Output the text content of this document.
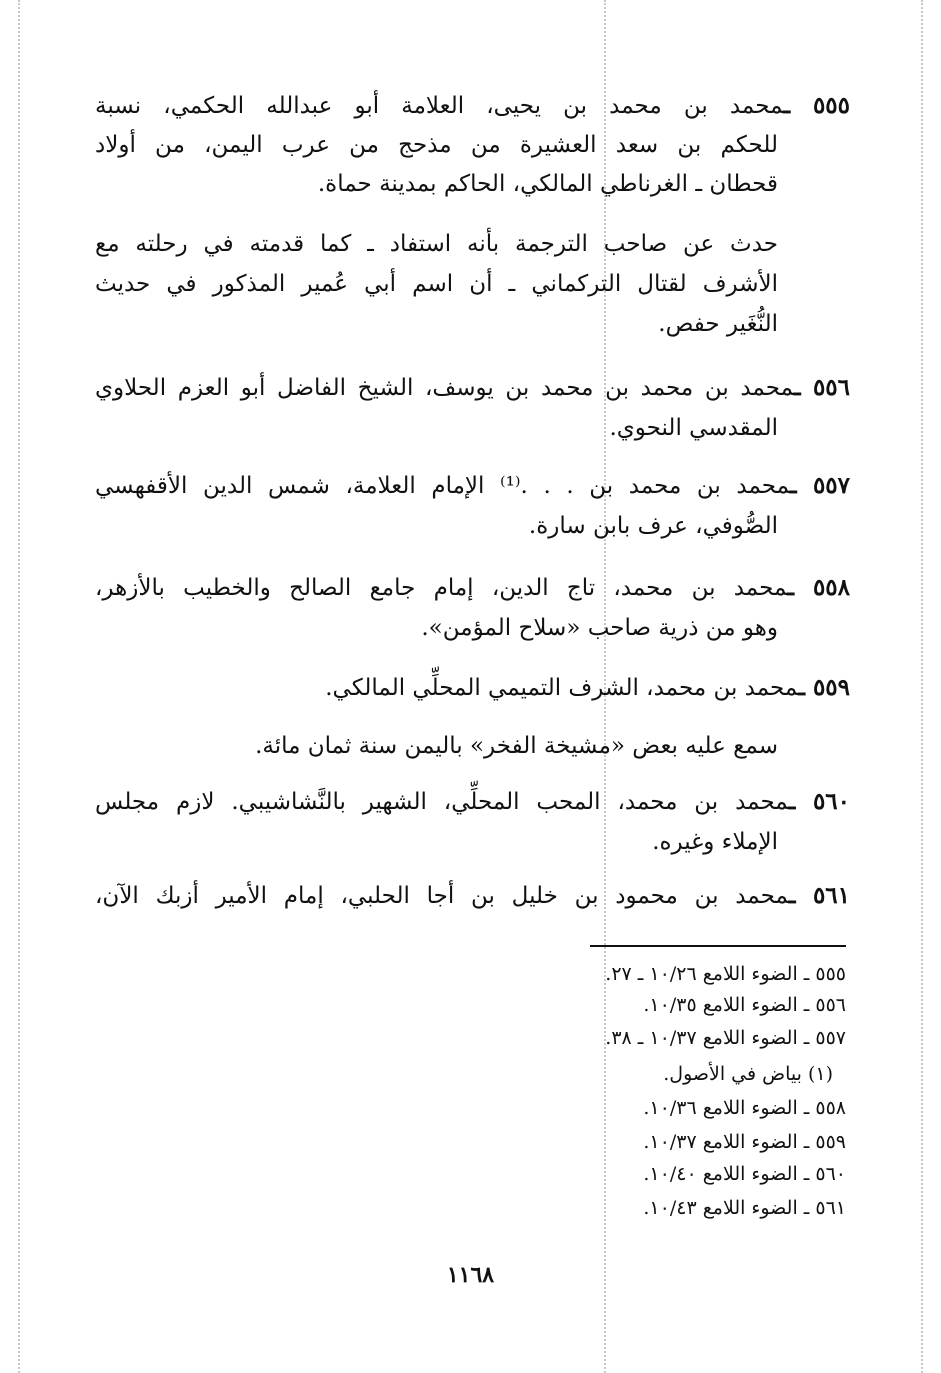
٥٥٥ ـمحمد بن محمد بن يحيى، العلامة أبو عبدالله الحكمي، نسبة
للحكم بن سعد العشيرة من مذحج من عرب اليمن، من أولاد
قحطان ـ الغرناطي المالكي، الحاكم بمدينة حماة.
حدث عن صاحب الترجمة بأنه استفاد ـ كما قدمته في رحلته مع
الأشرف لقتال التركماني ـ أن اسم أبي عُمير المذكور في حديث
النُّغَير حفص.
٥٥٦ ـمحمد بن محمد بن محمد بن يوسف، الشيخ الفاضل أبو العزم الحلاوي
المقدسي النحوي.
٥٥٧ ـمحمد بن محمد بن . . .⁽¹⁾ الإمام العلامة، شمس الدين الأقفهسي
الصُّوفي، عرف بابن سارة.
٥٥٨ ـمحمد بن محمد، تاج الدين، إمام جامع الصالح والخطيب بالأزهر،
وهو من ذرية صاحب «سلاح المؤمن».
٥٥٩ ـمحمد بن محمد، الشرف التميمي المحلِّي المالكي.
سمع عليه بعض «مشيخة الفخر» باليمن سنة ثمان مائة.
٥٦٠ ـمحمد بن محمد، المحب المحلِّي، الشهير بالنَّشاشيبي. لازم مجلس
الإملاء وغيره.
٥٦١ ـمحمد بن محمود بن خليل بن أجا الحلبي، إمام الأمير أزبك الآن،
٥٥٥ ـ الضوء اللامع ١٠/٢٦ ـ ٢٧.
٥٥٦ ـ الضوء اللامع ١٠/٣٥.
٥٥٧ ـ الضوء اللامع ١٠/٣٧ ـ ٣٨.
(١) بياض في الأصول.
٥٥٨ ـ الضوء اللامع ١٠/٣٦.
٥٥٩ ـ الضوء اللامع ١٠/٣٧.
٥٦٠ ـ الضوء اللامع ١٠/٤٠.
٥٦١ ـ الضوء اللامع ١٠/٤٣.
١١٦٨
